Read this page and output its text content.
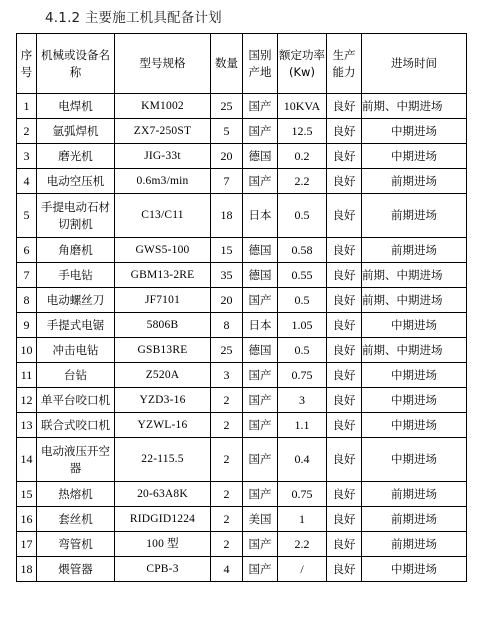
4.1.2 主要施工机具配备计划
序号	机械或设备名称	型号规格	数量	国别产地	额定功率(Kw)	生产能力	进场时间
1	电焊机	KM1002	25	国产	10KVA	良好	前期、中期进场
2	氩弧焊机	ZX7-250ST	5	国产	12.5	良好	中期进场
3	磨光机	JIG-33t	20	德国	0.2	良好	中期进场
4	电动空压机	0.6m3/min	7	国产	2.2	良好	前期进场
5	手提电动石材切割机	C13/C11	18	日本	0.5	良好	前期进场
6	角磨机	GWS5-100	15	德国	0.58	良好	前期进场
7	手电钻	GBM13-2RE	35	德国	0.55	良好	前期、中期进场
8	电动螺丝刀	JF7101	20	国产	0.5	良好	前期、中期进场
9	手提式电锯	5806B	8	日本	1.05	良好	中期进场
10	冲击电钻	GSB13RE	25	德国	0.5	良好	前期、中期进场
11	台钻	Z520A	3	国产	0.75	良好	中期进场
12	单平台咬口机	YZD3-16	2	国产	3	良好	中期进场
13	联合式咬口机	YZWL-16	2	国产	1.1	良好	中期进场
14	电动液压开空器	22-115.5	2	国产	0.4	良好	中期进场
15	热熔机	20-63A8K	2	国产	0.75	良好	前期进场
16	套丝机	RIDGID1224	2	美国	1	良好	前期进场
17	弯管机	100 型	2	国产	2.2	良好	前期进场
18	煨管器	CPB-3	4	国产	/	良好	中期进场
